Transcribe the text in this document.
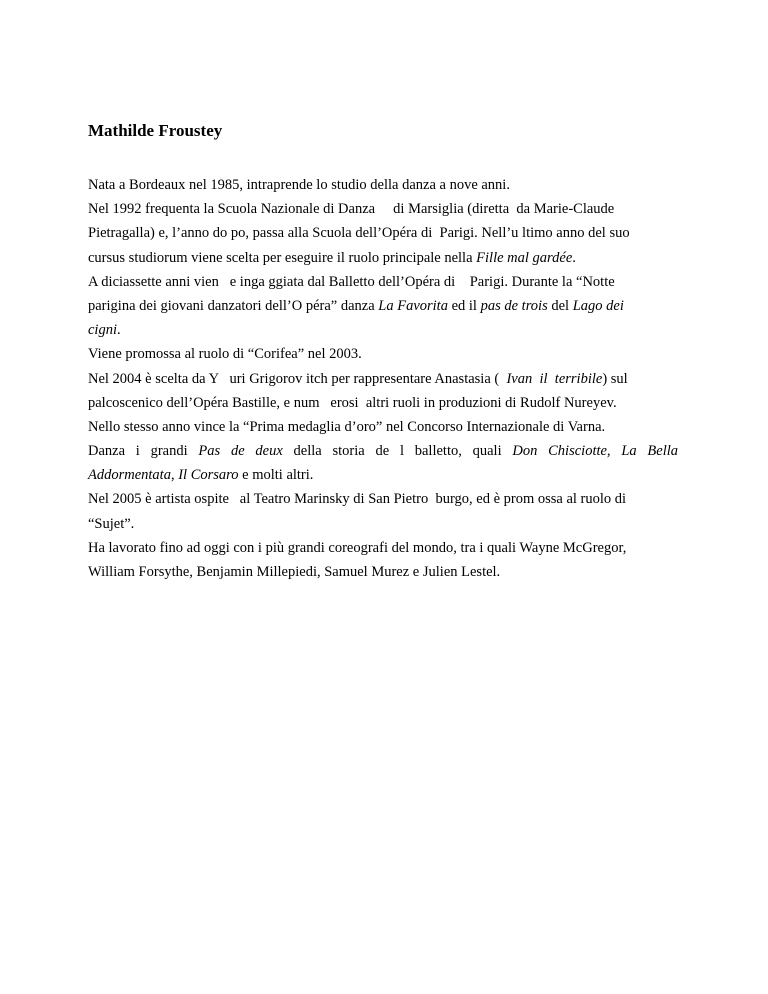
Mathilde Froustey
Nata a Bordeaux nel 1985, intraprende lo studio della danza a nove anni.
Nel 1992 frequenta la Scuola Nazionale di Danza     di Marsiglia (diretta  da Marie-Claude
Pietragalla) e, l’anno do po, passa alla Scuola dell’Opéra di  Parigi. Nell’u ltimo anno del suo
cursus studiorum viene scelta per eseguire il ruolo principale nella Fille mal gardée.
A diciassette anni vien   e inga ggiata dal Balletto dell’Opéra di    Parigi. Durante la “Notte
parigina dei giovani danzatori dell’O péra” danza La Favorita ed il pas de trois del Lago dei
cigni.
Viene promossa al ruolo di “Corifea” nel 2003.
Nel 2004 è scelta da Y   uri Grigorov itch per rappresentare Anastasia (  Ivan  il  terribile) sul
palcoscenico dell’Opéra Bastille, e num   erosi  altri ruoli in produzioni di Rudolf Nureyev.
Nello stesso anno vince la “Prima medaglia d’oro” nel Concorso Internazionale di Varna.
Danza i grandi Pas de deux della storia de l balletto, quali Don Chisciotte, La Bella
Addormentata, Il Corsaro e molti altri.
Nel 2005 è artista ospite   al Teatro Marinsky di San Pietro  burgo, ed è prom ossa al ruolo di
“Sujet”.
Ha lavorato fino ad oggi con i più grandi coreografi del mondo, tra i quali Wayne McGregor,
William Forsythe, Benjamin Millepiedi, Samuel Murez e Julien Lestel.
